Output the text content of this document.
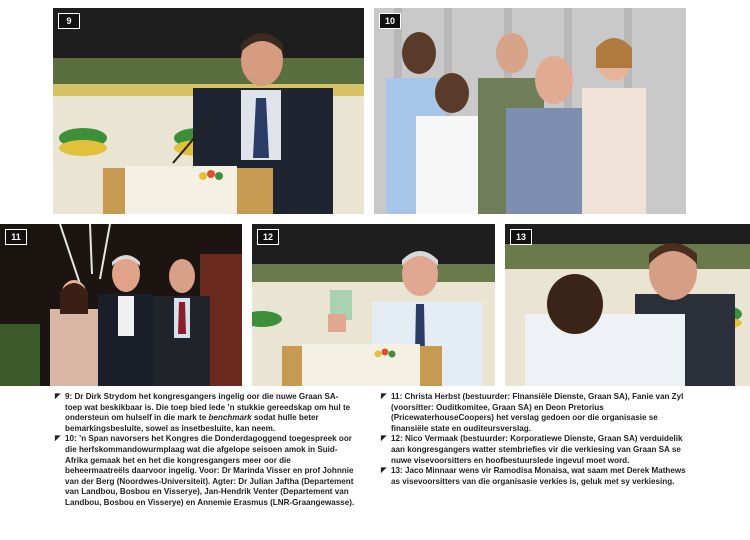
9	10
11	12	13
◤ 9: Dr Dirk Strydom het kongresgangers ingelig oor die nuwe Graan SA-toep wat beskikbaar is. Die toep bied lede ’n stukkie gereedskap om hul te ondersteun om hulself in die mark te benchmark sodat hulle beter bemarkingsbesluite, sowel as insetbesluite, kan neem.
◤ 10: ’n Span navorsers het Kongres die Donderdagoggend toegespreek oor die herfskommandowurmplaag wat die afgelope seisoen amok in Suid-Afrika gemaak het en het die kongresgangers meer oor die beheermaatreëls daarvoor ingelig. Voor: Dr Marinda Visser en prof Johnnie van der Berg (Noordwes-Universiteit). Agter: Dr Julian Jaftha (Departement van Landbou, Bosbou en Visserye), Jan-Hendrik Venter (Departement van Landbou, Bosbou en Visserye) en Annemie Erasmus (LNR-Graangewasse).
◤ 11: Christa Herbst (bestuurder: Finansiële Dienste, Graan SA), Fanie van Zyl (voorsitter: Ouditkomitee, Graan SA) en Deon Pretorius (PricewaterhouseCoopers) het verslag gedoen oor die organisasie se finansiële state en ouditeursverslag.
◤ 12: Nico Vermaak (bestuurder: Korporatiewe Dienste, Graan SA) verduidelik aan kongresgangers watter stembriefies vir die verkiesing van Graan SA se nuwe visevoorsitters en hoofbestuurslede ingevul moet word.
◤ 13: Jaco Minnaar wens vir Ramodisa Monaisa, wat saam met Derek Mathews as visevoorsitters van die organisasie verkies is, geluk met sy verkiesing.
